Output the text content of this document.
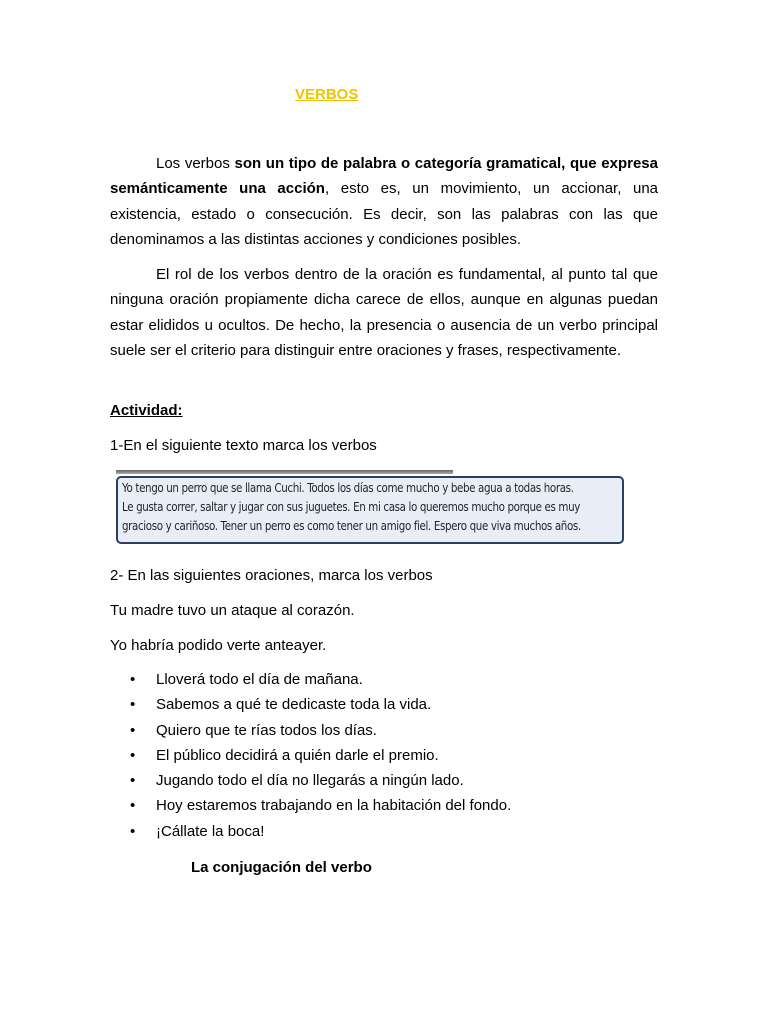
VERBOS

Los verbos son un tipo de palabra o categoría gramatical, que expresa semánticamente una acción, esto es, un movimiento, un accionar, una existencia, estado o consecución. Es decir, son las palabras con las que denominamos a las distintas acciones y condiciones posibles.

El rol de los verbos dentro de la oración es fundamental, al punto tal que ninguna oración propiamente dicha carece de ellos, aunque en algunas puedan estar elididos u ocultos. De hecho, la presencia o ausencia de un verbo principal suele ser el criterio para distinguir entre oraciones y frases, respectivamente.

Actividad:
1-En el siguiente texto marca los verbos
Yo tengo un perro que se llama Cuchi. Todos los días come mucho y bebe agua a todas horas.
Le gusta correr, saltar y jugar con sus juguetes. En mi casa lo queremos mucho porque es muy
gracioso y cariñoso. Tener un perro es como tener un amigo fiel. Espero que viva muchos años.
2- En las siguientes oraciones, marca los verbos
Tu madre tuvo un ataque al corazón.
Yo habría podido verte anteayer.
• Lloverá todo el día de mañana.
• Sabemos a qué te dedicaste toda la vida.
• Quiero que te rías todos los días.
• El público decidirá a quién darle el premio.
• Jugando todo el día no llegarás a ningún lado.
• Hoy estaremos trabajando en la habitación del fondo.
• ¡Cállate la boca!
La conjugación del verbo
